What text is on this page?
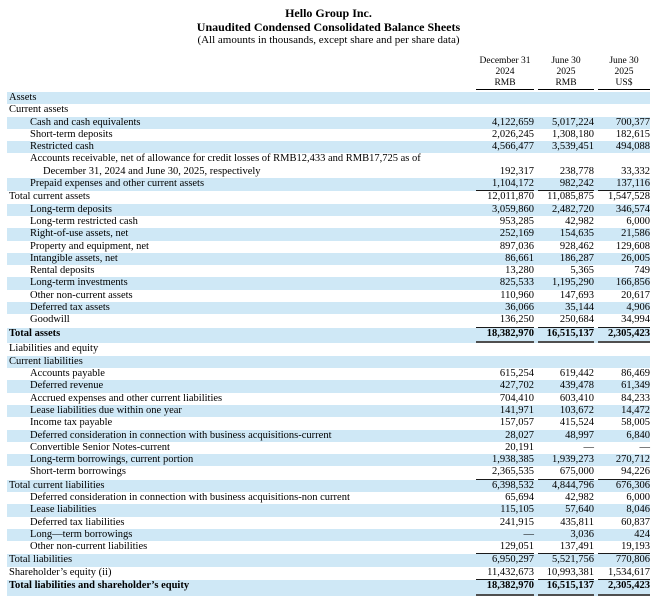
Hello Group Inc.
Unaudited Condensed Consolidated Balance Sheets
(All amounts in thousands, except share and per share data)
December 31
2024
RMB
June 30
2025
RMB
June 30
2025
US$
Assets
Current assets
Cash and cash equivalents	4,122,659	5,017,224	700,377
Short-term deposits	2,026,245	1,308,180	182,615
Restricted cash	4,566,477	3,539,451	494,088
Accounts receivable, net of allowance for credit losses of RMB12,433 and RMB17,725 as of
December 31, 2024 and June 30, 2025, respectively	192,317	238,778	33,332
Prepaid expenses and other current assets	1,104,172	982,242	137,116
Total current assets	12,011,870	11,085,875	1,547,528
Long-term deposits	3,059,860	2,482,720	346,574
Long-term restricted cash	953,285	42,982	6,000
Right-of-use assets, net	252,169	154,635	21,586
Property and equipment, net	897,036	928,462	129,608
Intangible assets, net	86,661	186,287	26,005
Rental deposits	13,280	5,365	749
Long-term investments	825,533	1,195,290	166,856
Other non-current assets	110,960	147,693	20,617
Deferred tax assets	36,066	35,144	4,906
Goodwill	136,250	250,684	34,994
Total assets	18,382,970	16,515,137	2,305,423
Liabilities and equity
Current liabilities
Accounts payable	615,254	619,442	86,469
Deferred revenue	427,702	439,478	61,349
Accrued expenses and other current liabilities	704,410	603,410	84,233
Lease liabilities due within one year	141,971	103,672	14,472
Income tax payable	157,057	415,524	58,005
Deferred consideration in connection with business acquisitions-current	28,027	48,997	6,840
Convertible Senior Notes-current	20,191	—	—
Long-term borrowings, current portion	1,938,385	1,939,273	270,712
Short-term borrowings	2,365,535	675,000	94,226
Total current liabilities	6,398,532	4,844,796	676,306
Deferred consideration in connection with business acquisitions-non current	65,694	42,982	6,000
Lease liabilities	115,105	57,640	8,046
Deferred tax liabilities	241,915	435,811	60,837
Long—term borrowings	—	3,036	424
Other non-current liabilities	129,051	137,491	19,193
Total liabilities	6,950,297	5,521,756	770,806
Shareholder’s equity (ii)	11,432,673	10,993,381	1,534,617
Total liabilities and shareholder’s equity	18,382,970	16,515,137	2,305,423
